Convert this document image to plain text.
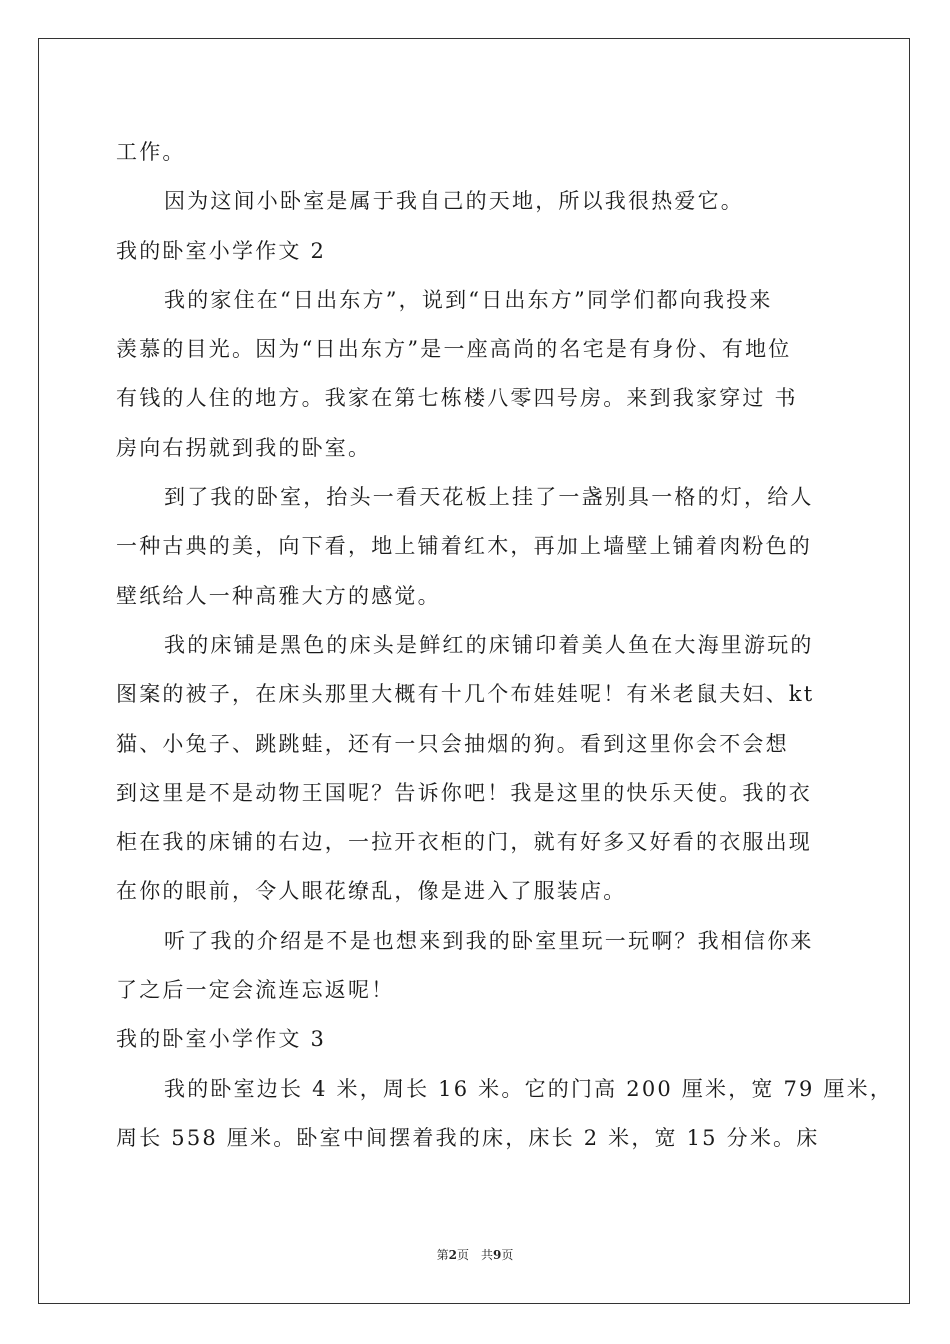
工作。
因为这间小卧室是属于我自己的天地，所以我很热爱它。
我的卧室小学作文 2
我的家住在“日出东方”，说到“日出东方”同学们都向我投来
羡慕的目光。因为“日出东方”是一座高尚的名宅是有身份、有地位
有钱的人住的地方。我家在第七栋楼八零四号房。来到我家穿过 书
房向右拐就到我的卧室。
到了我的卧室，抬头一看天花板上挂了一盏别具一格的灯，给人
一种古典的美，向下看，地上铺着红木，再加上墙壁上铺着肉粉色的
壁纸给人一种高雅大方的感觉。
我的床铺是黑色的床头是鲜红的床铺印着美人鱼在大海里游玩的
图案的被子，在床头那里大概有十几个布娃娃呢！有米老鼠夫妇、kt
猫、小兔子、跳跳蛙，还有一只会抽烟的狗。看到这里你会不会想
到这里是不是动物王国呢？告诉你吧！我是这里的快乐天使。我的衣
柜在我的床铺的右边，一拉开衣柜的门，就有好多又好看的衣服出现
在你的眼前，令人眼花缭乱，像是进入了服装店。
听了我的介绍是不是也想来到我的卧室里玩一玩啊？我相信你来
了之后一定会流连忘返呢！
我的卧室小学作文 3
我的卧室边长 4 米，周长 16 米。它的门高 200 厘米，宽 79 厘米，
周长 558 厘米。卧室中间摆着我的床，床长 2 米，宽 15 分米。床
第2页 共9页
